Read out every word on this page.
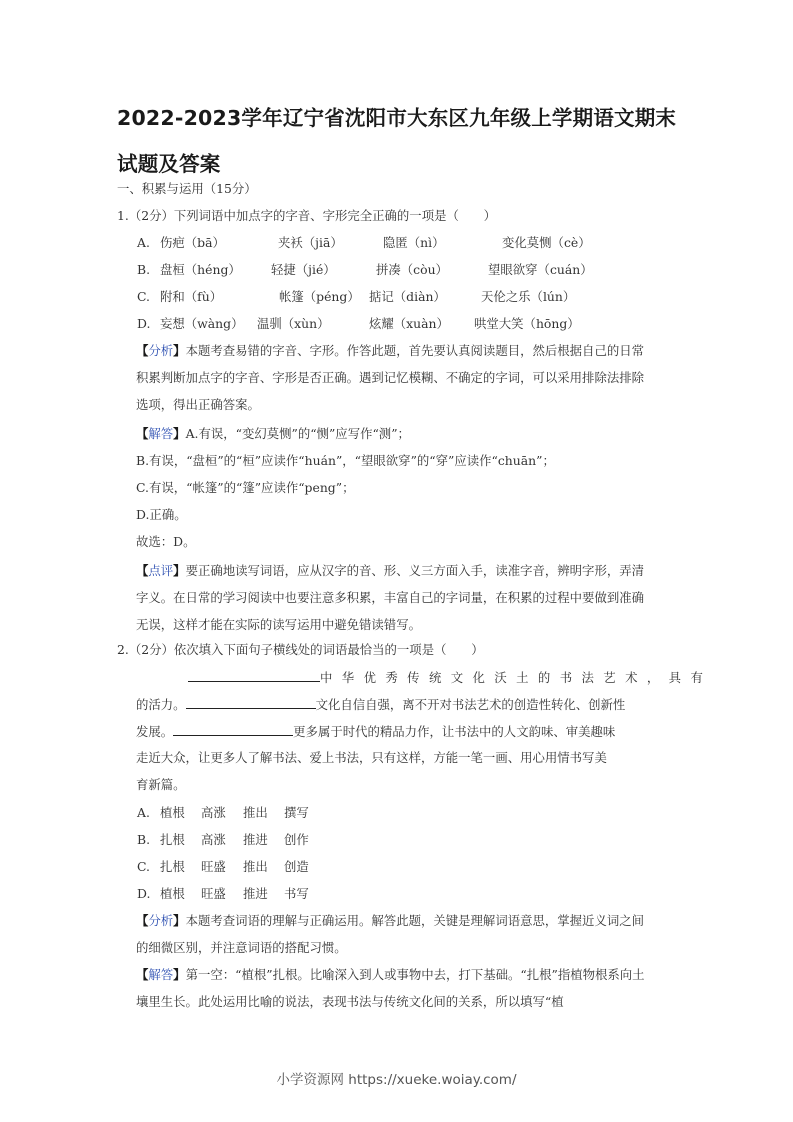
2022-2023学年辽宁省沈阳市大东区九年级上学期语文期末
试题及答案
一、积累与运用（15分）
1.（2分）下列词语中加点字的字音、字形完全正确的一项是（　　）
A. 伤疤（bā）	夹袄（jiā）	隐匿（nì）	变化莫恻（cè）
B. 盘桓（héng） 轻捷（jié）	拼凑（còu）	望眼欲穿（cuán）
C. 附和（fù）	帐篷（péng） 掂记（diàn）	天伦之乐（lún）
D. 妄想（wàng） 温驯（xùn）	炫耀（xuàn） 哄堂大笑（hōng）
【分析】本题考查易错的字音、字形。作答此题，首先要认真阅读题目，然后根据自己的日常积累判断加点字的字音、字形是否正确。遇到记忆模糊、不确定的字词，可以采用排除法排除选项，得出正确答案。
【解答】A.有误，“变幻莫恻”的“恻”应写作“测”；
B.有误，“盘桓”的“桓”应读作“huán”，“望眼欲穿”的“穿”应读作“chuān”；
C.有误，“帐篷”的“篷”应读作“peng”；
D.正确。
故选：D。
【点评】要正确地读写词语，应从汉字的音、形、义三方面入手，读准字音，辨明字形，弄清字义。在日常的学习阅读中也要注意多积累，丰富自己的字词量，在积累的过程中要做到准确无误，这样才能在实际的读写运用中避免错读错写。
2.（2分）依次填入下面句子横线处的词语最恰当的一项是（　　）
中华优秀传统文化沃土的书法艺术，具有
的活力。	文化自信自强，离不开对书法艺术的创造性转化、创新性
发展。	更多属于时代的精品力作，让书法中的人文韵味、审美趣味
走近大众，让更多人了解书法、爱上书法，只有这样，方能一笔一画、用心用情书写美
育新篇。
A. 植根 高涨 推出 撰写
B. 扎根 高涨 推进 创作
C. 扎根 旺盛 推出 创造
D. 植根 旺盛 推进 书写
【分析】本题考查词语的理解与正确运用。解答此题，关键是理解词语意思，掌握近义词之间的细微区别，并注意词语的搭配习惯。
【解答】第一空：“植根”扎根。比喻深入到人或事物中去，打下基础。“扎根”指植物根系向土壤里生长。此处运用比喻的说法，表现书法与传统文化间的关系，所以填写“植
小学资源网 https://xueke.woiay.com/
